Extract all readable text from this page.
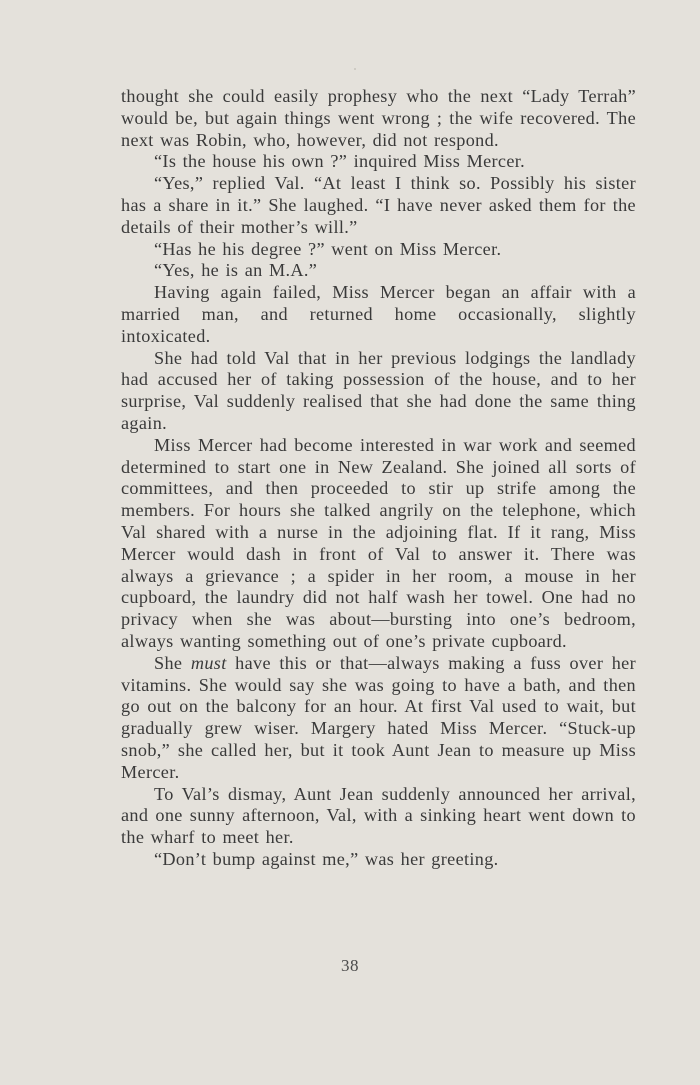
thought she could easily prophesy who the next “Lady Terrah” would be, but again things went wrong ; the wife recovered. The next was Robin, who, however, did not respond.

“Is the house his own ?” inquired Miss Mercer.

“Yes,” replied Val. “At least I think so. Possibly his sister has a share in it.” She laughed. “I have never asked them for the details of their mother’s will.”

“Has he his degree ?” went on Miss Mercer.

“Yes, he is an M.A.”

Having again failed, Miss Mercer began an affair with a married man, and returned home occasionally, slightly intoxicated.

She had told Val that in her previous lodgings the landlady had accused her of taking possession of the house, and to her surprise, Val suddenly realised that she had done the same thing again.

Miss Mercer had become interested in war work and seemed determined to start one in New Zealand. She joined all sorts of committees, and then proceeded to stir up strife among the members. For hours she talked angrily on the telephone, which Val shared with a nurse in the adjoining flat. If it rang, Miss Mercer would dash in front of Val to answer it. There was always a grievance ; a spider in her room, a mouse in her cupboard, the laundry did not half wash her towel. One had no privacy when she was about—bursting into one’s bedroom, always wanting something out of one’s private cupboard.

She must have this or that—always making a fuss over her vitamins. She would say she was going to have a bath, and then go out on the balcony for an hour. At first Val used to wait, but gradually grew wiser. Margery hated Miss Mercer. “Stuck-up snob,” she called her, but it took Aunt Jean to measure up Miss Mercer.

To Val’s dismay, Aunt Jean suddenly announced her arrival, and one sunny afternoon, Val, with a sinking heart went down to the wharf to meet her.

“Don’t bump against me,” was her greeting.

38
